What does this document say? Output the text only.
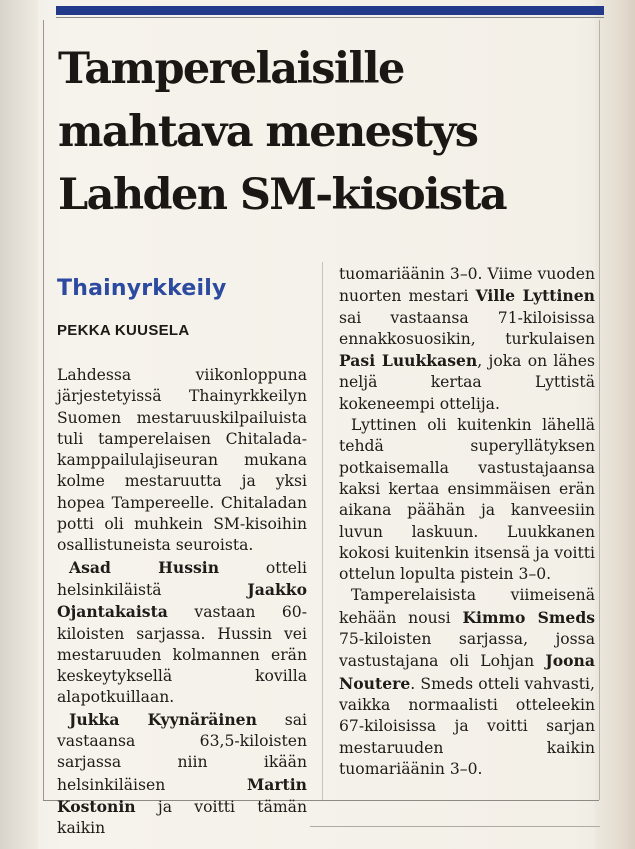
Tamperelaisille
mahtava menestys
Lahden SM-kisoista
Thainyrkkeily
PEKKA KUUSELA

Lahdessa viikonloppuna järjestetyissä Thainyrkkeilyn Suomen mestaruuskilpailuista tuli tamperelaisen Chitalada-kamppailulajiseuran mukana kolme mestaruutta ja yksi hopea Tampereelle. Chitaladan potti oli muhkein SM-kisoihin osallistuneista seuroista.

Asad Hussin otteli helsinkiläistä Jaakko Ojantakaista vastaan 60-kiloisten sarjassa. Hussin vei mestaruuden kolmannen erän keskeytyksellä kovilla alapotkuillaan.

Jukka Kyynäräinen sai vastaansa 63,5-kiloisten sarjassa niin ikään helsinkiläisen Martin Kostonin ja voitti tämän kaikin

tuomariäänin 3–0. Viime vuoden nuorten mestari Ville Lyttinen sai vastaansa 71-kiloisissa ennakkosuosikin, turkulaisen Pasi Luukkasen, joka on lähes neljä kertaa Lyttistä kokeneempi ottelija.

Lyttinen oli kuitenkin lähellä tehdä superyllätyksen potkaisemalla vastustajaansa kaksi kertaa ensimmäisen erän aikana päähän ja kanveesiin luvun laskuun. Luukkanen kokosi kuitenkin itsensä ja voitti ottelun lopulta pistein 3–0.

Tamperelaisista viimeisenä kehään nousi Kimmo Smeds 75-kiloisten sarjassa, jossa vastustajana oli Lohjan Joona Noutere. Smeds otteli vahvasti, vaikka normaalisti otteleekin 67-kiloisissa ja voitti sarjan mestaruuden kaikin tuomariäänin 3–0.
